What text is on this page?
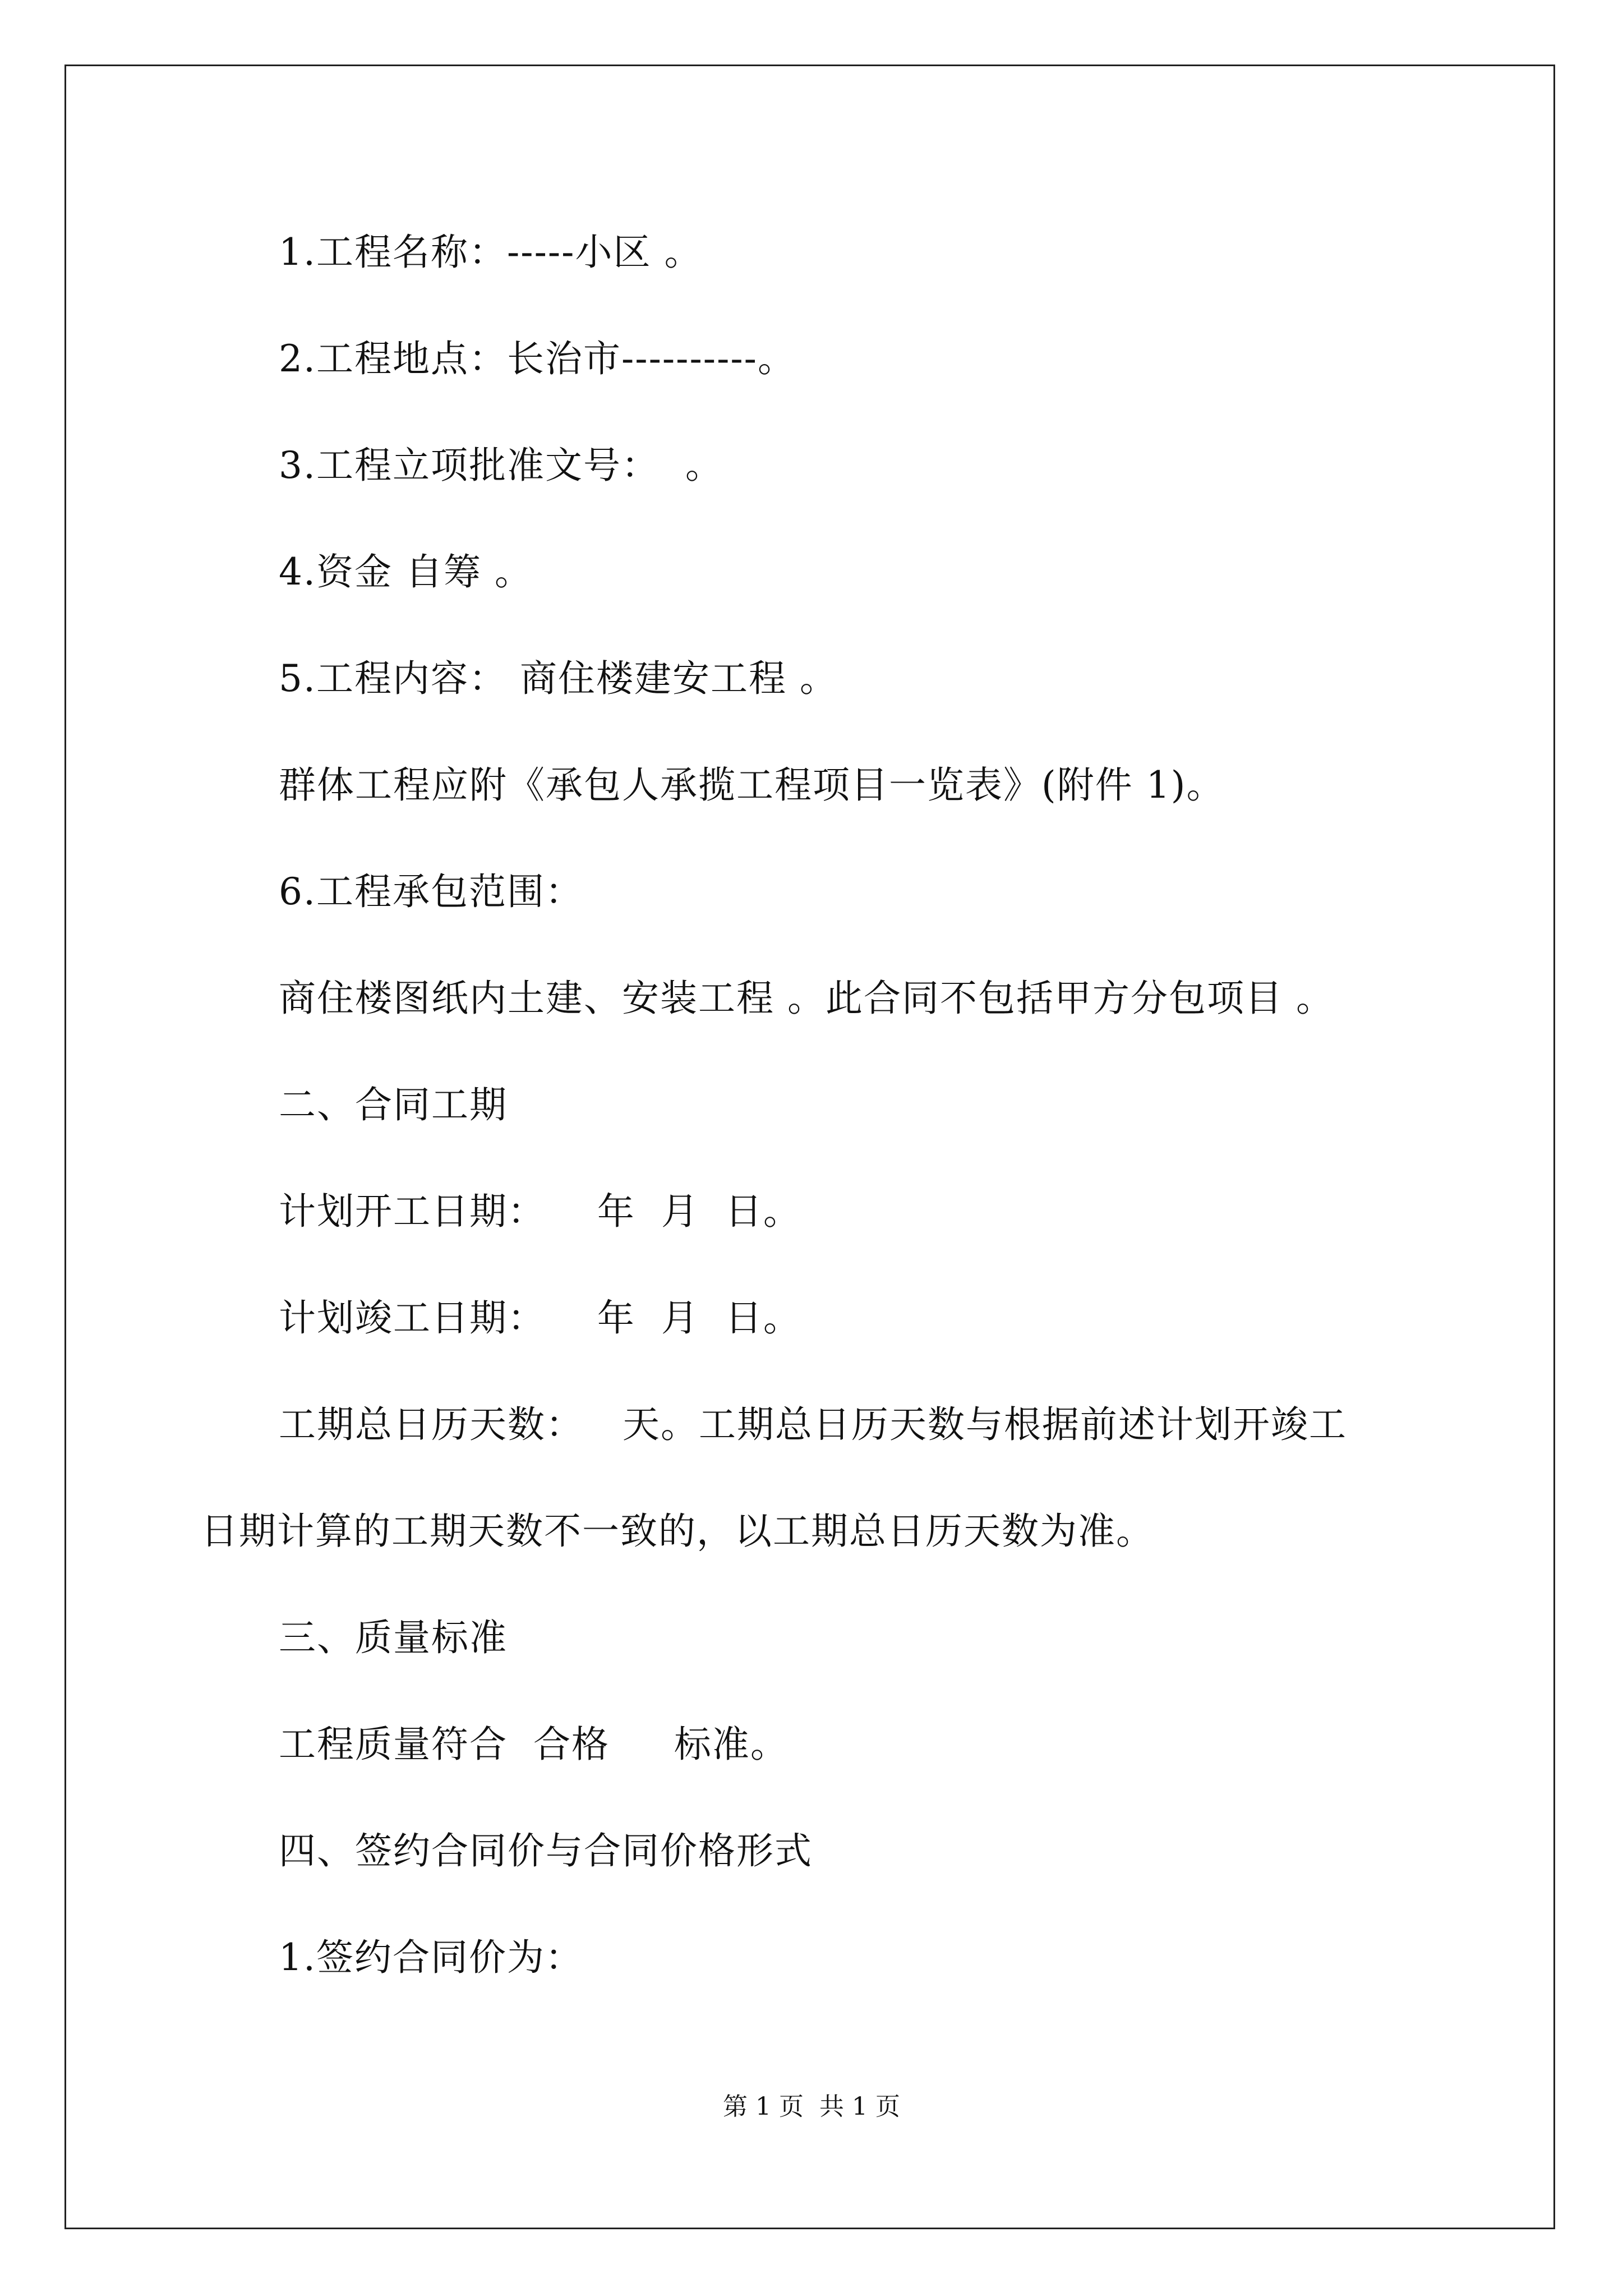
1.工程名称：-----小区 。
2.工程地点：长治市----------。
3.工程立项批准文号：  。
4.资金 自筹 。
5.工程内容： 商住楼建安工程 。
群体工程应附《承包人承揽工程项目一览表》(附件 1)。
6.工程承包范围：
商住楼图纸内土建、安装工程 。此合同不包括甲方分包项目 。
二、合同工期
计划开工日期：    年  月  日。
计划竣工日期：    年  月  日。
工期总日历天数：   天。工期总日历天数与根据前述计划开竣工
日期计算的工期天数不一致的，以工期总日历天数为准。
三、质量标准
工程质量符合  合格     标准。
四、签约合同价与合同价格形式
1.签约合同价为：
第 1 页  共 1 页
